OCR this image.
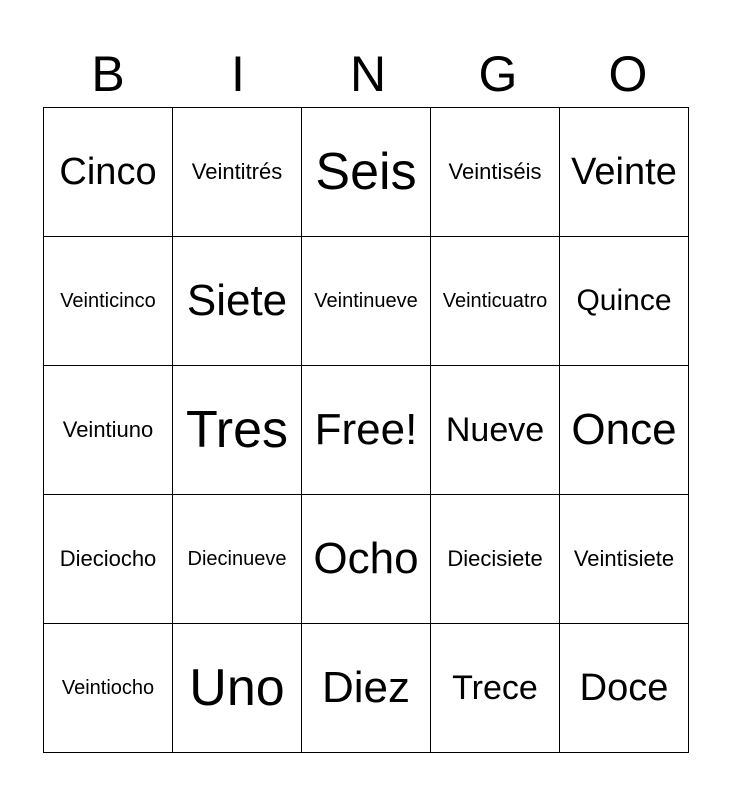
B	I	N	G	O
Cinco	Veintitrés	Seis	Veintiséis	Veinte
Veinticinco	Siete	Veintinueve	Veinticuatro	Quince
Veintiuno	Tres	Free!	Nueve	Once
Dieciocho	Diecinueve	Ocho	Diecisiete	Veintisiete
Veintiocho	Uno	Diez	Trece	Doce
